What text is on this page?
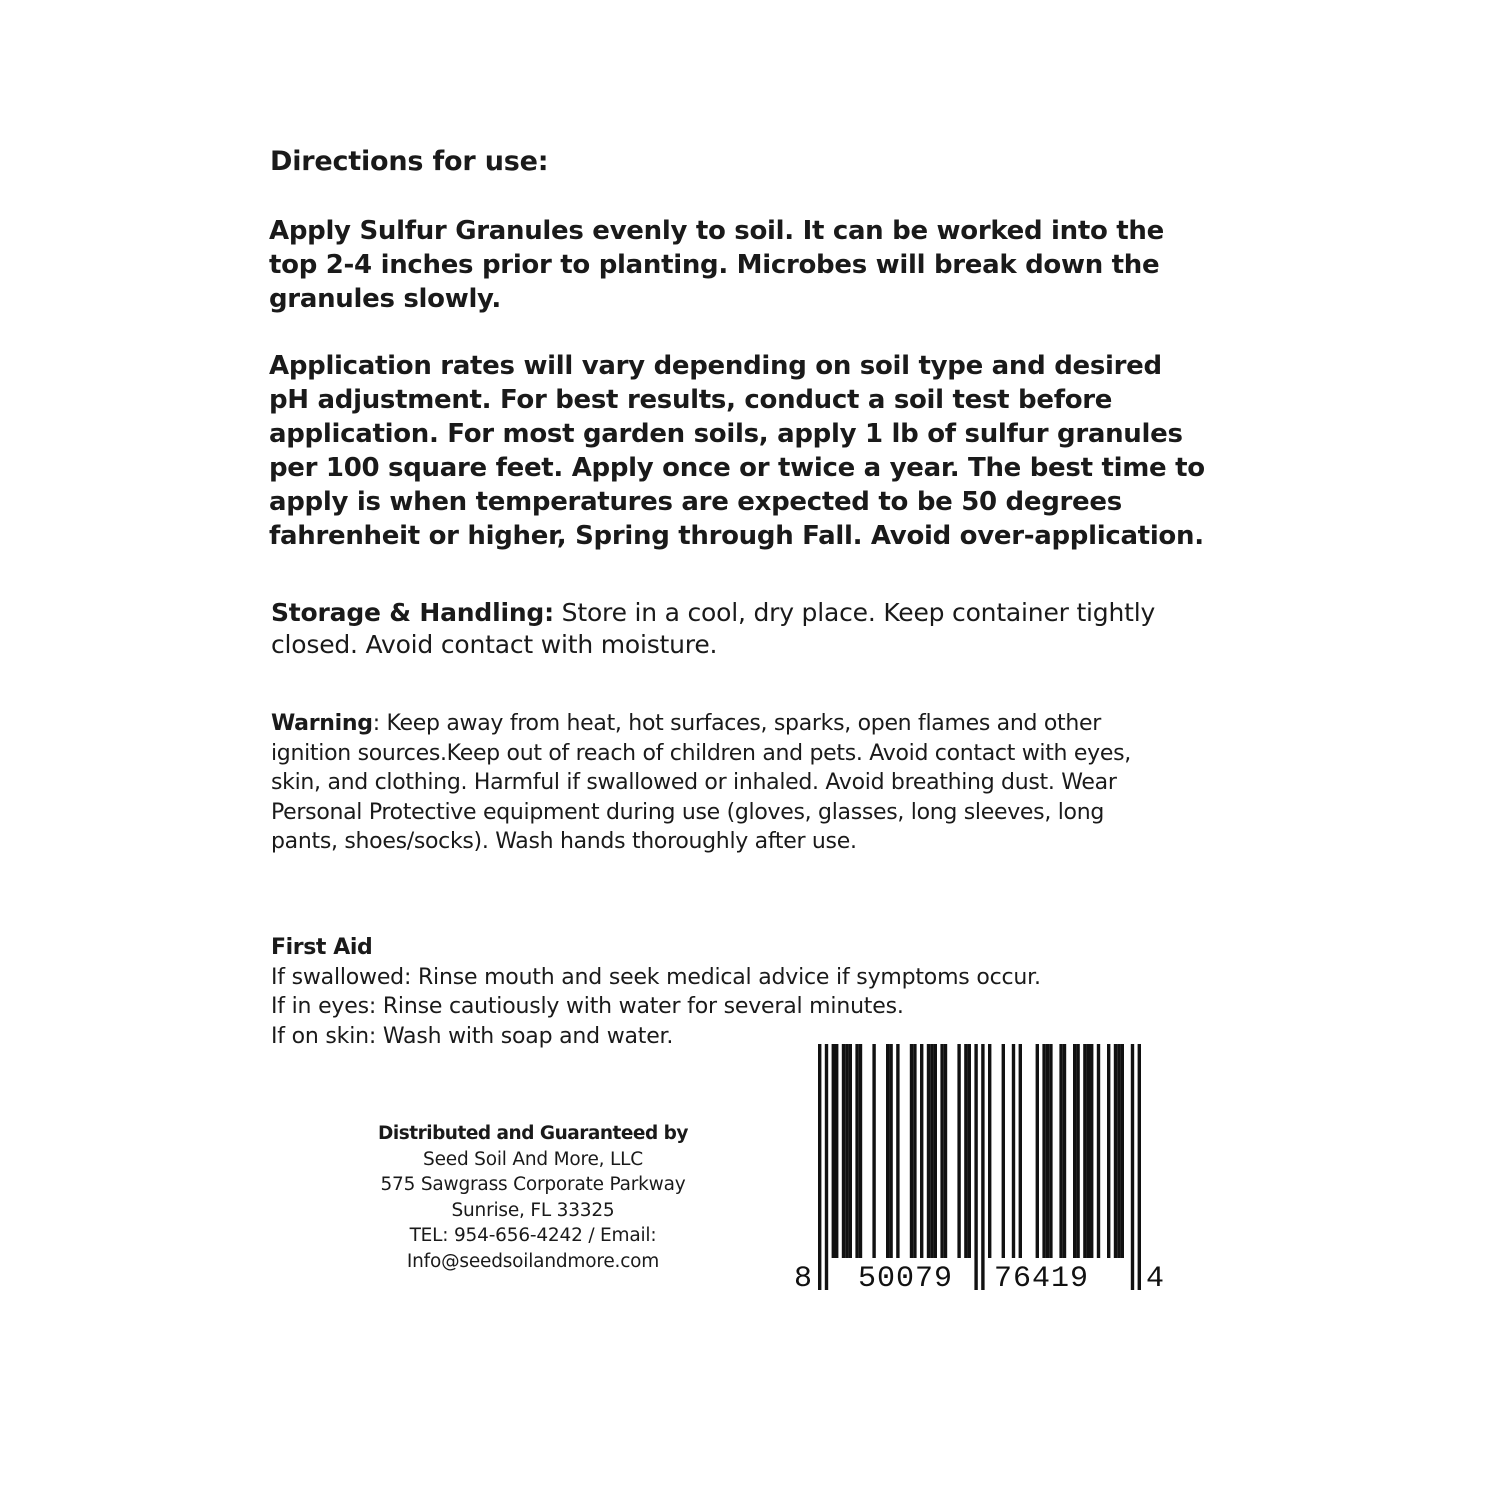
Directions for use:

Apply Sulfur Granules evenly to soil. It can be worked into the top 2-4 inches prior to planting. Microbes will break down the granules slowly.

Application rates will vary depending on soil type and desired pH adjustment. For best results, conduct a soil test before application. For most garden soils, apply 1 lb of sulfur granules per 100 square feet. Apply once or twice a year. The best time to apply is when temperatures are expected to be 50 degrees fahrenheit or higher, Spring through Fall. Avoid over-application.

Storage & Handling: Store in a cool, dry place. Keep container tightly closed. Avoid contact with moisture.

Warning: Keep away from heat, hot surfaces, sparks, open flames and other ignition sources.Keep out of reach of children and pets. Avoid contact with eyes, skin, and clothing. Harmful if swallowed or inhaled. Avoid breathing dust. Wear Personal Protective equipment during use (gloves, glasses, long sleeves, long pants, shoes/socks). Wash hands thoroughly after use.

First Aid
If swallowed: Rinse mouth and seek medical advice if symptoms occur.
If in eyes: Rinse cautiously with water for several minutes.
If on skin: Wash with soap and water.
Distributed and Guaranteed by
Seed Soil And More, LLC
575 Sawgrass Corporate Parkway
Sunrise, FL 33325
TEL: 954-656-4242 / Email:
Info@seedsoilandmore.com
8 50079 76419 4
